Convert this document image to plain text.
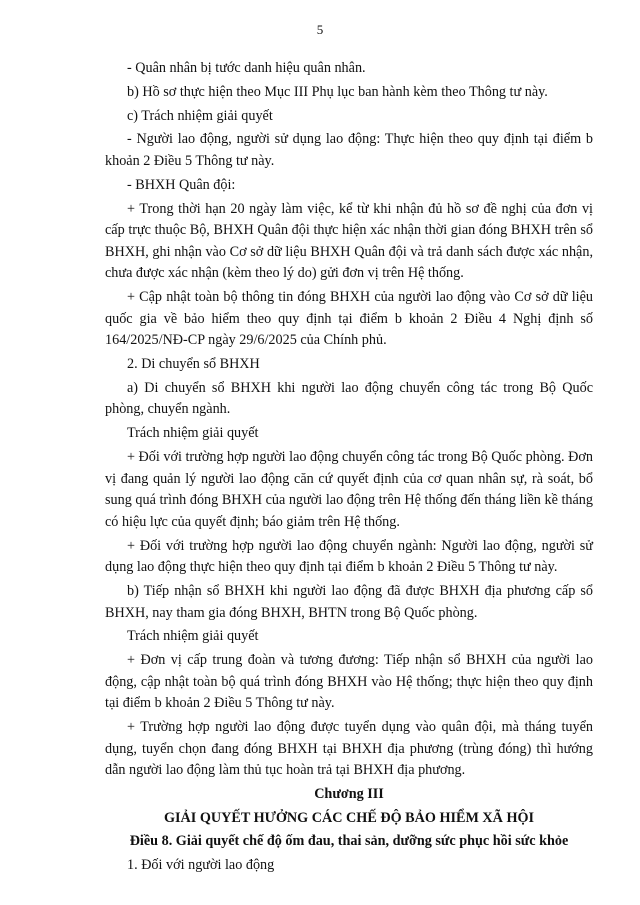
5

- Quân nhân bị tước danh hiệu quân nhân.

b) Hồ sơ thực hiện theo Mục III Phụ lục ban hành kèm theo Thông tư này.

c) Trách nhiệm giải quyết

- Người lao động, người sử dụng lao động: Thực hiện theo quy định tại điểm b khoản 2 Điều 5 Thông tư này.

- BHXH Quân đội:

+ Trong thời hạn 20 ngày làm việc, kể từ khi nhận đủ hồ sơ đề nghị của đơn vị cấp trực thuộc Bộ, BHXH Quân đội thực hiện xác nhận thời gian đóng BHXH trên sổ BHXH, ghi nhận vào Cơ sở dữ liệu BHXH Quân đội và trả danh sách được xác nhận, chưa được xác nhận (kèm theo lý do) gửi đơn vị trên Hệ thống.

+ Cập nhật toàn bộ thông tin đóng BHXH của người lao động vào Cơ sở dữ liệu quốc gia về bảo hiểm theo quy định tại điểm b khoản 2 Điều 4 Nghị định số 164/2025/NĐ-CP ngày 29/6/2025 của Chính phủ.

2. Di chuyển sổ BHXH

a) Di chuyển sổ BHXH khi người lao động chuyển công tác trong Bộ Quốc phòng, chuyển ngành.

Trách nhiệm giải quyết

+ Đối với trường hợp người lao động chuyển công tác trong Bộ Quốc phòng. Đơn vị đang quản lý người lao động căn cứ quyết định của cơ quan nhân sự, rà soát, bổ sung quá trình đóng BHXH của người lao động trên Hệ thống đến tháng liền kề tháng có hiệu lực của quyết định; báo giảm trên Hệ thống.

+ Đối với trường hợp người lao động chuyển ngành: Người lao động, người sử dụng lao động thực hiện theo quy định tại điểm b khoản 2 Điều 5 Thông tư này.

b) Tiếp nhận sổ BHXH khi người lao động đã được BHXH địa phương cấp sổ BHXH, nay tham gia đóng BHXH, BHTN trong Bộ Quốc phòng.

Trách nhiệm giải quyết

+ Đơn vị cấp trung đoàn và tương đương: Tiếp nhận sổ BHXH của người lao động, cập nhật toàn bộ quá trình đóng BHXH vào Hệ thống; thực hiện theo quy định tại điểm b khoản 2 Điều 5 Thông tư này.

+ Trường hợp người lao động được tuyển dụng vào quân đội, mà tháng tuyển dụng, tuyển chọn đang đóng BHXH tại BHXH địa phương (trùng đóng) thì hướng dẫn người lao động làm thủ tục hoàn trả tại BHXH địa phương.

Chương III

GIẢI QUYẾT HƯỞNG CÁC CHẾ ĐỘ BẢO HIỂM XÃ HỘI

Điều 8. Giải quyết chế độ ốm đau, thai sản, dưỡng sức phục hồi sức khỏe

1. Đối với người lao động
